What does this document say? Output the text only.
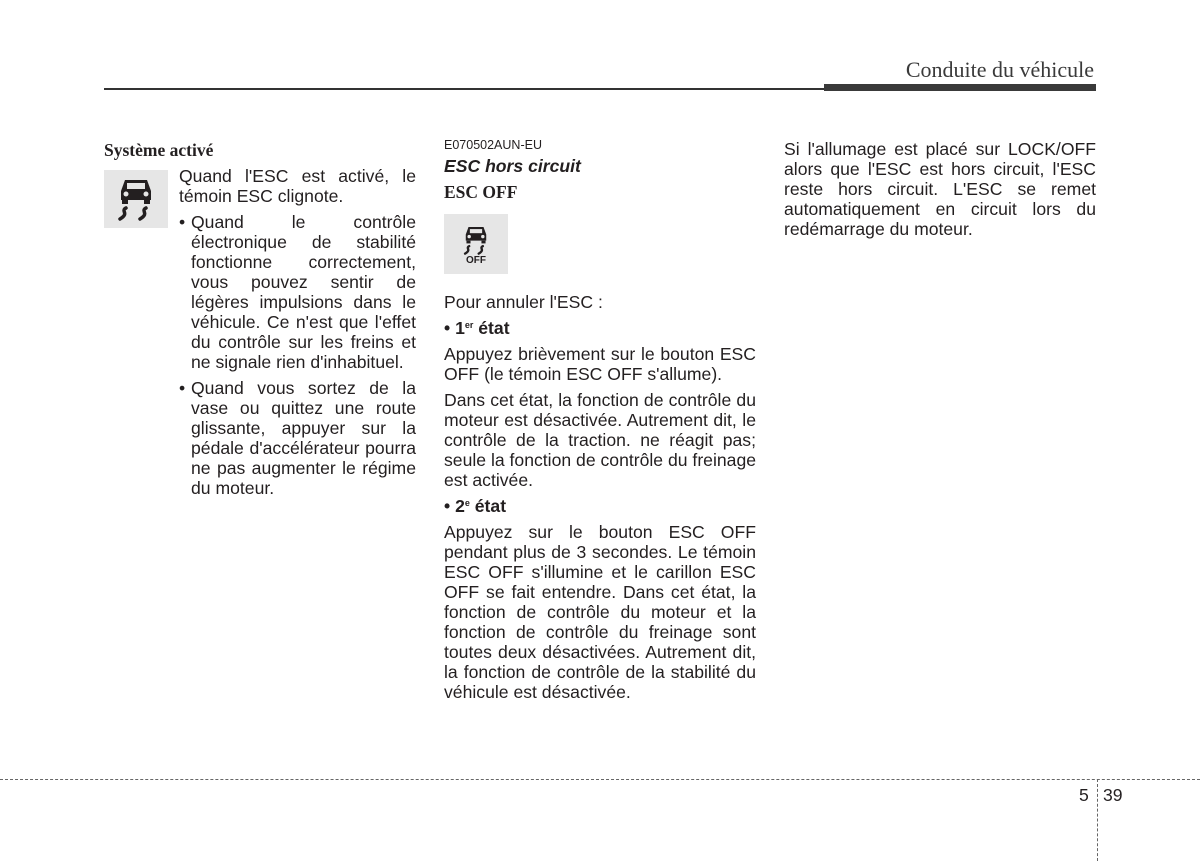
Conduite du véhicule

Système activé

Quand l'ESC est activé, le témoin ESC clignote.

• Quand le contrôle électronique de stabilité fonctionne correctement, vous pouvez sentir de légères impulsions dans le véhicule. Ce n'est que l'effet du contrôle sur les freins et ne signale rien d'inhabituel.

• Quand vous sortez de la vase ou quittez une route glissante, appuyer sur la pédale d'accélérateur pourra ne pas augmenter le régime du moteur.

E070502AUN-EU

ESC hors circuit

ESC OFF

Pour annuler l'ESC :

• 1er état

Appuyez brièvement sur le bouton ESC OFF (le témoin ESC OFF s'allume).

Dans cet état, la fonction de contrôle du moteur est désactivée. Autrement dit, le contrôle de la traction. ne réagit pas; seule la fonction de contrôle du freinage est activée.

• 2e état

Appuyez sur le bouton ESC OFF pendant plus de 3 secondes. Le témoin ESC OFF s'illumine et le carillon ESC OFF se fait entendre. Dans cet état, la fonction de contrôle du moteur et la fonction de contrôle du freinage sont toutes deux désactivées. Autrement dit, la fonction de contrôle de la stabilité du véhicule est désactivée.

OFF

Si l'allumage est placé sur LOCK/OFF alors que l'ESC est hors circuit, l'ESC reste hors circuit. L'ESC se remet automatiquement en circuit lors du redémarrage du moteur.

5 39
